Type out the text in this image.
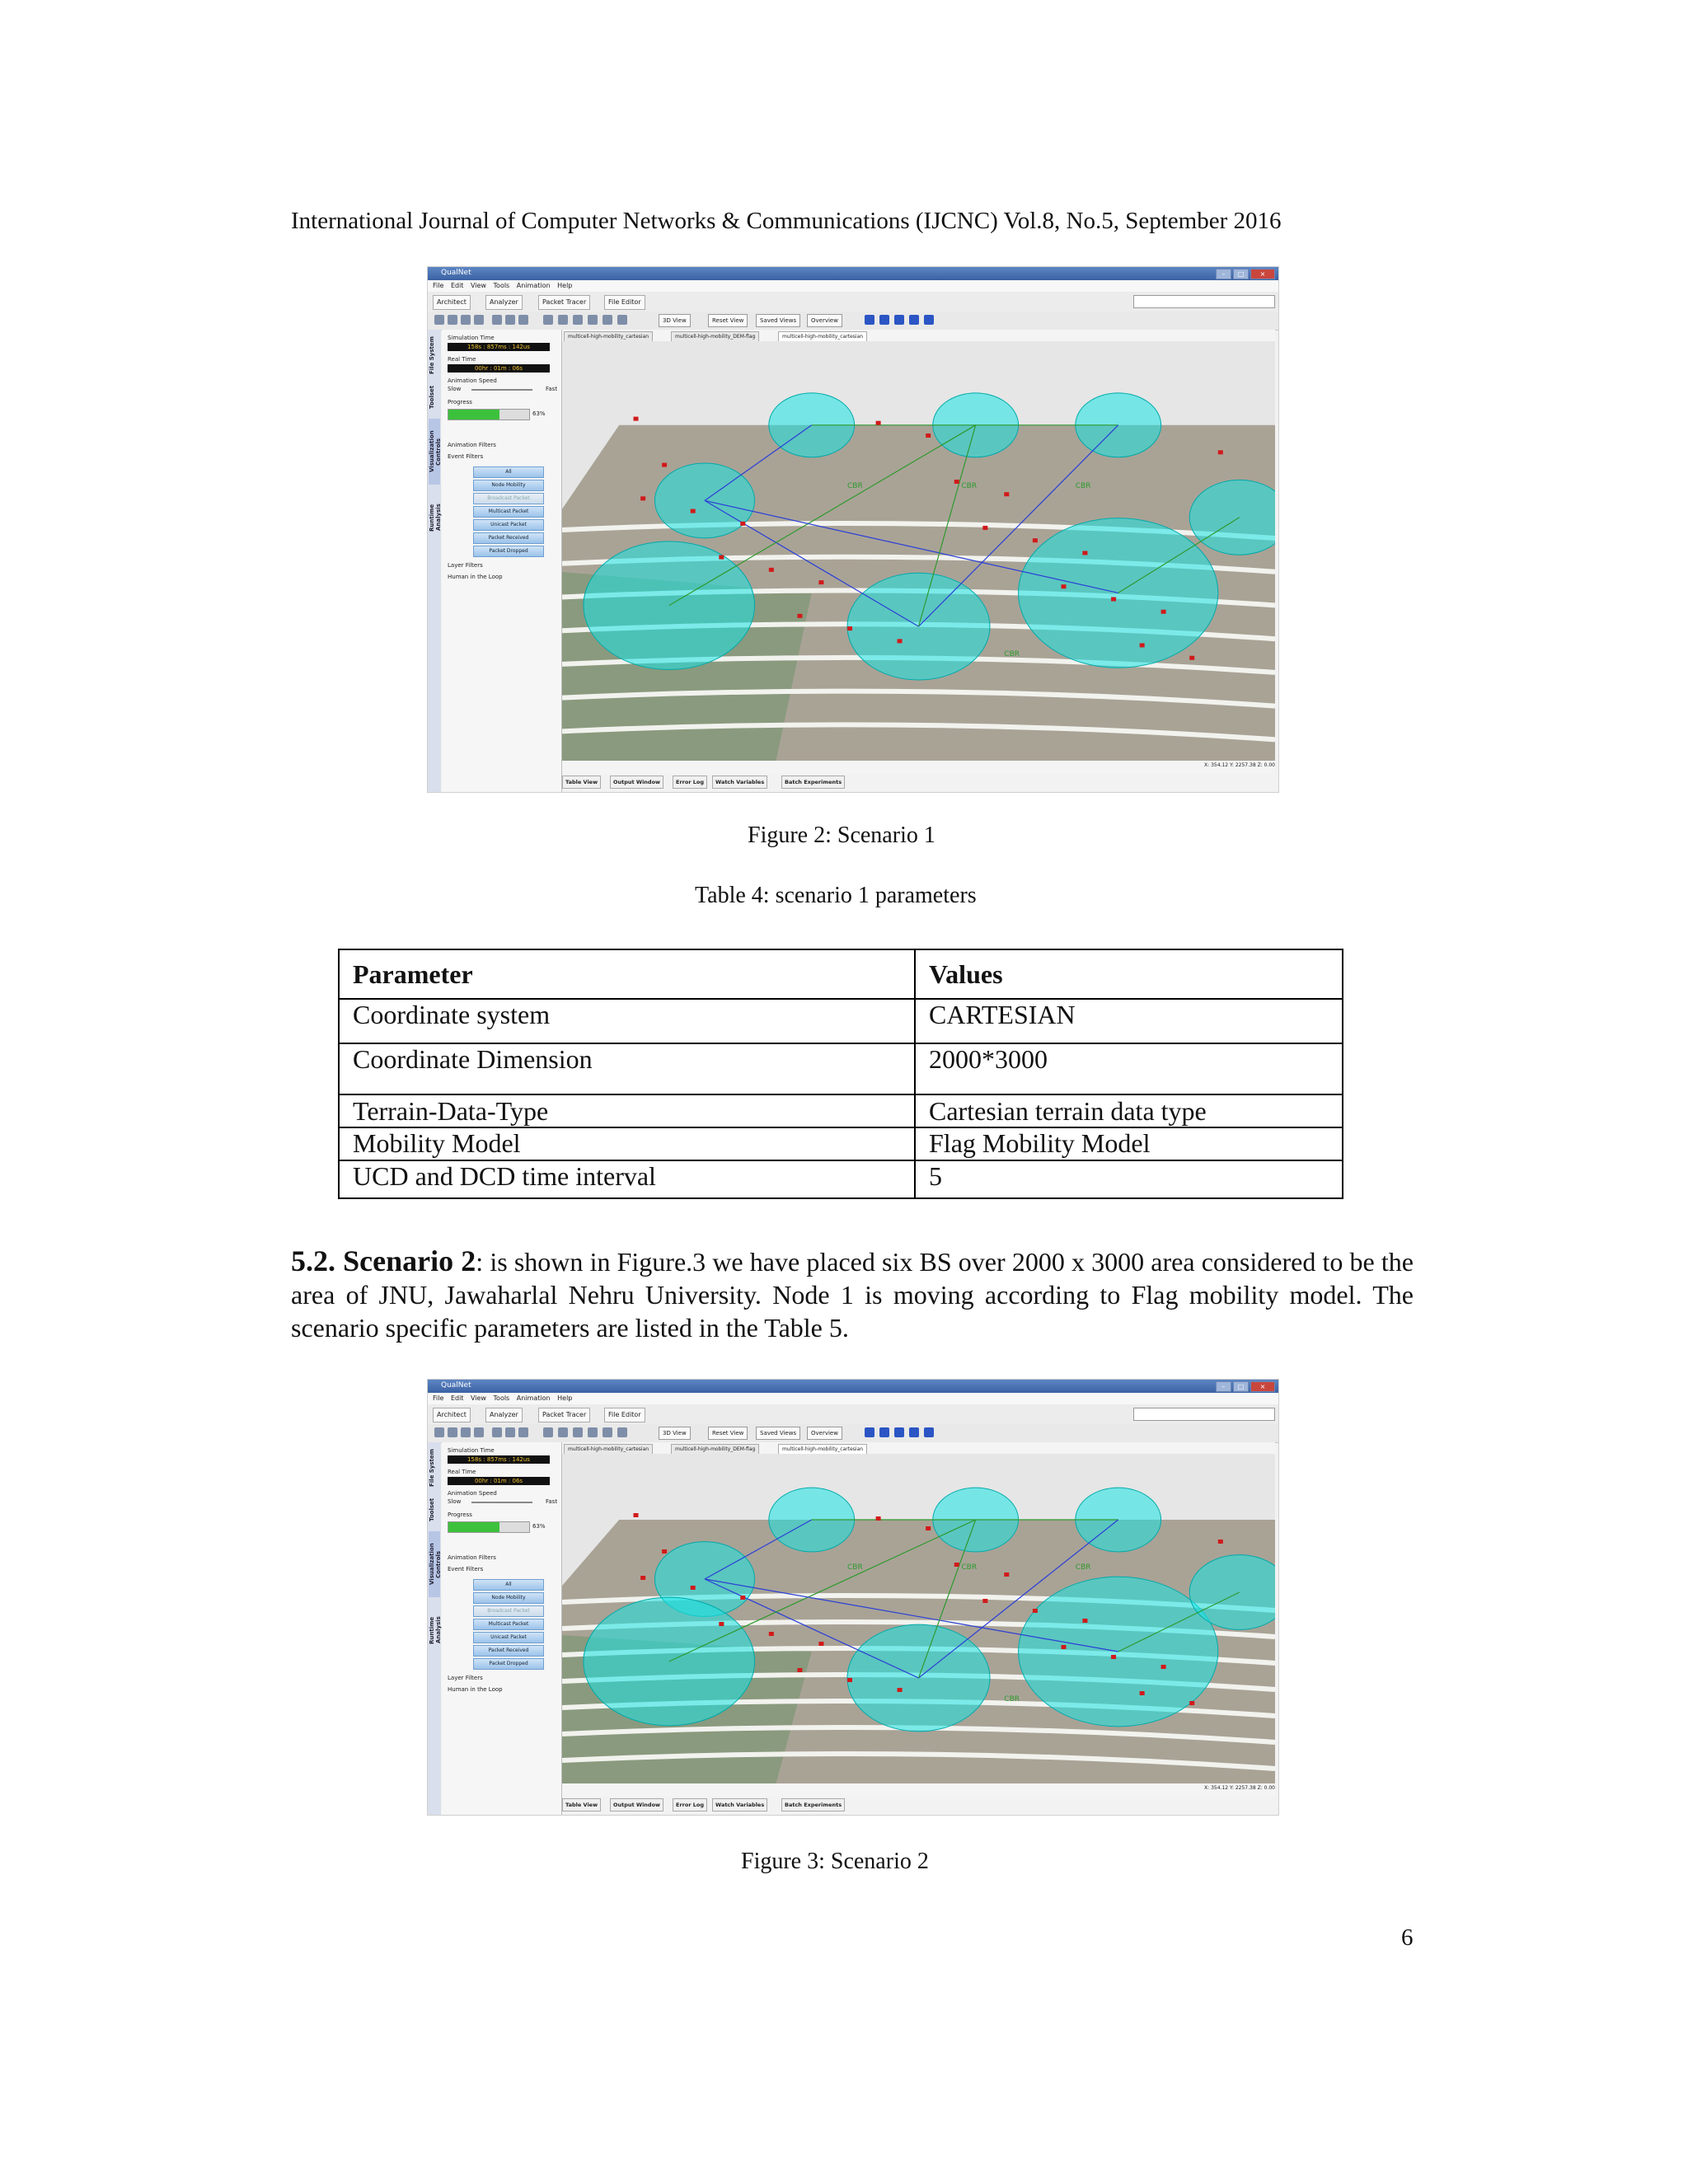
International Journal of Computer Networks & Communications (IJCNC) Vol.8, No.5, September 2016
QualNet	–	□	×
File Edit View Tools Animation Help
Architect	Analyzer	Packet Tracer	File Editor
3D View	Reset View	Saved Views	Overview
File System
Toolset
Visualization Controls
Runtime Analysis
Simulation Time
158s : 857ms : 142us
Real Time
00hr : 01m : 06s
Animation Speed
Slow	Fast
Progress
63%
Animation Filters
Event Filters
All
Node Mobility
Broadcast Packet
Multicast Packet
Unicast Packet
Packet Received
Packet Dropped
Layer Filters
Human in the Loop
multicell-high-mobility_cartesian	multicell-high-mobility_DEM-flag	multicell-high-mobility_cartesian
CBR	CBR	CBR
CBR
X: 354.12 Y: 2257.38 Z: 0.00
Table View	Output Window	Error Log	Watch Variables	Batch Experiments
Figure 2: Scenario 1
Table 4: scenario 1 parameters
Parameter	Values
Coordinate system	CARTESIAN
Coordinate Dimension	2000*3000
Terrain-Data-Type	Cartesian terrain data type
Mobility Model	Flag Mobility Model
UCD and DCD time interval	5
5.2. Scenario 2: is shown in Figure.3 we have placed six BS over 2000 x 3000 area considered to be the area of JNU, Jawaharlal Nehru University. Node 1 is moving according to Flag mobility model. The scenario specific parameters are listed in the Table 5.
QualNet	–	□	×
File Edit View Tools Animation Help
Architect	Analyzer	Packet Tracer	File Editor
3D View	Reset View	Saved Views	Overview
File System
Toolset
Visualization Controls
Runtime Analysis
Simulation Time
158s : 857ms : 142us
Real Time
00hr : 01m : 06s
Animation Speed
Slow	Fast
Progress
63%
Animation Filters
Event Filters
All
Node Mobility
Broadcast Packet
Multicast Packet
Unicast Packet
Packet Received
Packet Dropped
Layer Filters
Human in the Loop
multicell-high-mobility_cartesian	multicell-high-mobility_DEM-flag	multicell-high-mobility_cartesian
CBR	CBR	CBR
CBR
X: 354.12 Y: 2257.38 Z: 0.00
Table View	Output Window	Error Log	Watch Variables	Batch Experiments
Figure 3: Scenario 2
6
